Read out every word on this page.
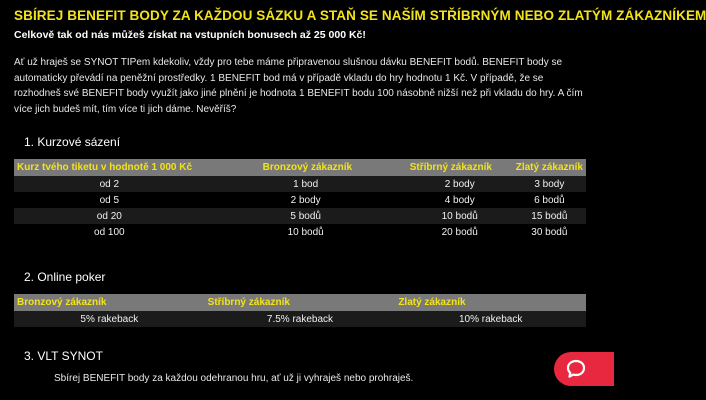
SBÍREJ BENEFIT BODY ZA KAŽDOU SÁZKU A STAŇ SE NAŠÍM STŘÍBRNÝM NEBO ZLATÝM ZÁKAZNÍKEM
Celkově tak od nás můžeš získat na vstupních bonusech až 25 000 Kč!
Ať už hraješ se SYNOT TIPem kdekoliv, vždy pro tebe máme připravenou slušnou dávku BENEFIT bodů. BENEFIT body se automaticky převádí na peněžní prostředky. 1 BENEFIT bod má v případě vkladu do hry hodnotu 1 Kč. V případě, že se rozhodneš své BENEFIT body využít jako jiné plnění je hodnota 1 BENEFIT bodu 100 násobně nižší než při vkladu do hry. A čím více jich budeš mít, tím více ti jich dáme. Nevěříš?
1. Kurzové sázení
Kurz tvého tiketu v hodnotě 1 000 Kč	Bronzový zákazník	Stříbrný zákazník	Zlatý zákazník
od 2	1 bod	2 body	3 body
od 5	2 body	4 body	6 bodů
od 20	5 bodů	10 bodů	15 bodů
od 100	10 bodů	20 bodů	30 bodů
2. Online poker
Bronzový zákazník	Stříbrný zákazník	Zlatý zákazník
5% rakeback	7.5% rakeback	10% rakeback
3. VLT SYNOT
Sbírej BENEFIT body za každou odehranou hru, ať už ji vyhraješ nebo prohraješ.
